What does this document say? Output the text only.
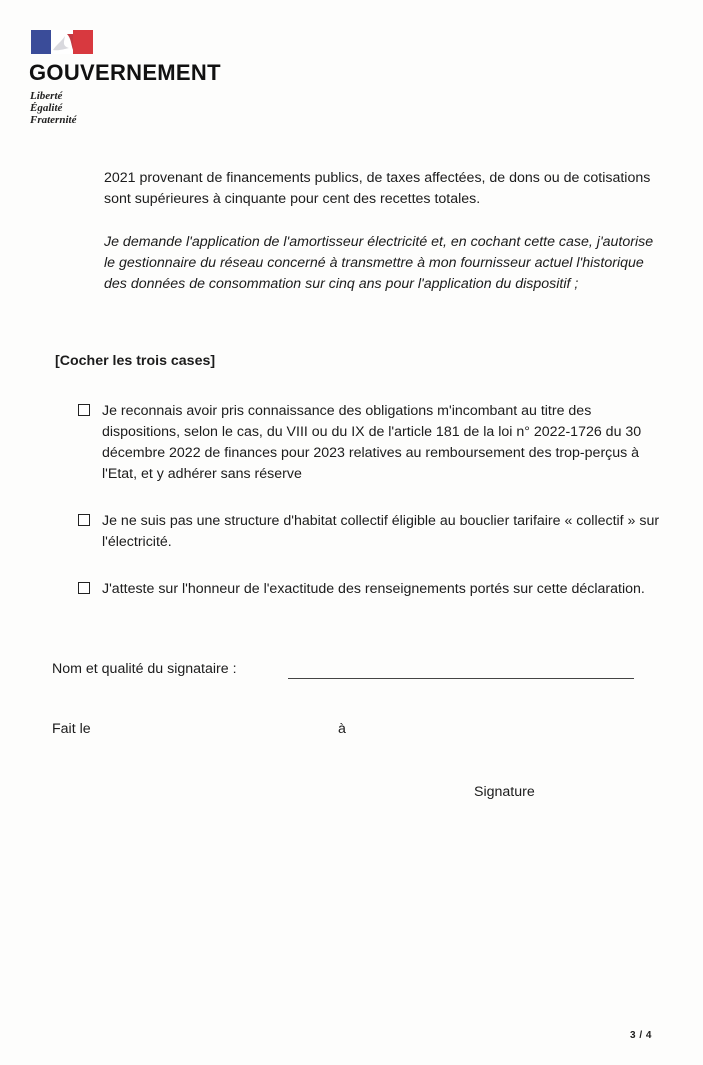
GOUVERNEMENT
Liberté
Égalité
Fraternité

2021 provenant de financements publics, de taxes affectées, de dons ou de cotisations sont supérieures à cinquante pour cent des recettes totales.

Je demande l'application de l'amortisseur électricité et, en cochant cette case, j'autorise le gestionnaire du réseau concerné à transmettre à mon fournisseur actuel l'historique des données de consommation sur cinq ans pour l'application du dispositif ;

[Cocher les trois cases]
Je reconnais avoir pris connaissance des obligations m'incombant au titre des dispositions, selon le cas, du VIII ou du IX de l'article 181 de la loi n° 2022-1726 du 30 décembre 2022 de finances pour 2023 relatives au remboursement des trop-perçus à l'Etat, et y adhérer sans réserve
Je ne suis pas une structure d'habitat collectif éligible au bouclier tarifaire « collectif » sur l'électricité.
J'atteste sur l'honneur de l'exactitude des renseignements portés sur cette déclaration.
Nom et qualité du signataire :
Fait le	à
Signature
3 / 4
